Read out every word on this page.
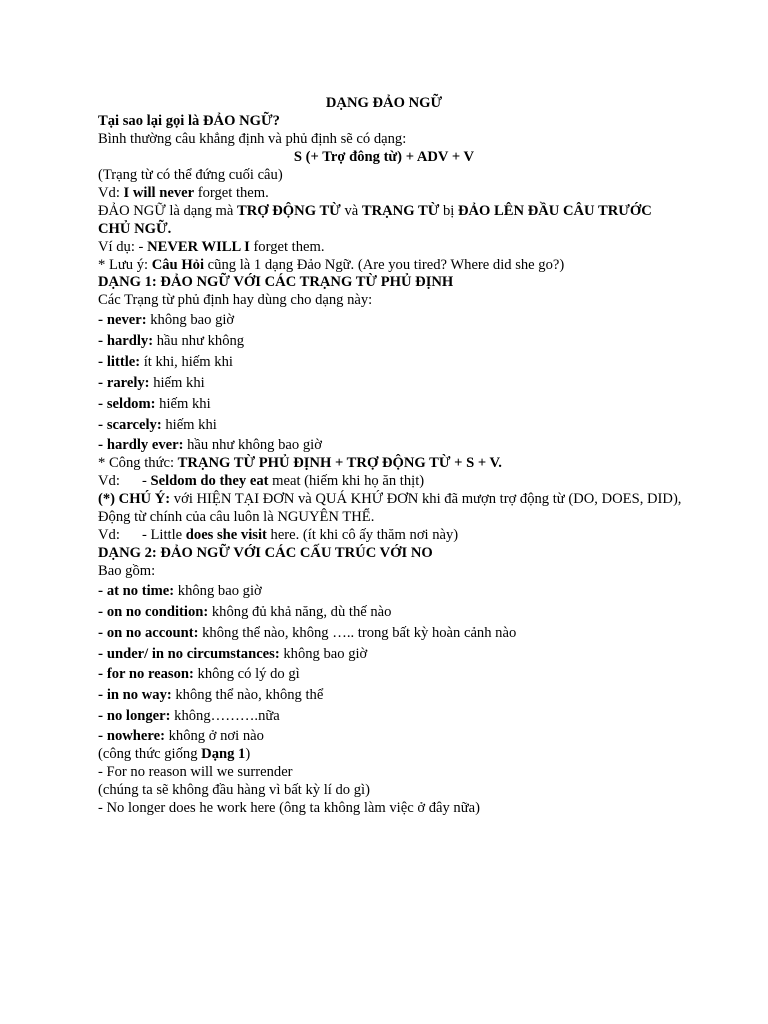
DẠNG ĐẢO NGỮ
Tại sao lại gọi là ĐẢO NGỮ?
Bình thường câu khẳng định và phủ định sẽ có dạng:
S (+ Trợ đông từ) + ADV + V
(Trạng từ có thể đứng cuối câu)
Vd: I will never forget them.
ĐẢO NGỮ là dạng mà TRỢ ĐỘNG TỪ và TRẠNG TỪ bị ĐẢO LÊN ĐẦU CÂU TRƯỚC
CHỦ NGỮ.
Ví dụ: - NEVER WILL I forget them.
* Lưu ý: Câu Hỏi cũng là 1 dạng Đảo Ngữ. (Are you tired? Where did she go?)
DẠNG 1: ĐẢO NGỮ VỚI CÁC TRẠNG TỪ PHỦ ĐỊNH
Các Trạng từ phủ định hay dùng cho dạng này:
- never: không bao giờ
- hardly: hầu như không
- little: ít khi, hiếm khi
- rarely: hiếm khi
- seldom: hiếm khi
- scarcely: hiếm khi
- hardly ever: hầu như không bao giờ
* Công thức: TRẠNG TỪ PHỦ ĐỊNH + TRỢ ĐỘNG TỪ + S + V.
Vd: - Seldom do they eat meat (hiếm khi họ ăn thịt)
(*) CHÚ Ý: với HIỆN TẠI ĐƠN và QUÁ KHỨ ĐƠN khi đã mượn trợ động từ (DO, DOES, DID),
Động từ chính của câu luôn là NGUYÊN THỂ.
Vd: - Little does she visit here. (ít khi cô ấy thăm nơi này)
DẠNG 2: ĐẢO NGỮ VỚI CÁC CẤU TRÚC VỚI NO
Bao gồm:
- at no time: không bao giờ
- on no condition: không đủ khả năng, dù thế nào
- on no account: không thể nào, không ….. trong bất kỳ hoàn cảnh nào
- under/ in no circumstances: không bao giờ
- for no reason: không có lý do gì
- in no way: không thể nào, không thể
- no longer: không……….nữa
- nowhere: không ở nơi nào
(công thức giống Dạng 1)
- For no reason will we surrender
(chúng ta sẽ không đầu hàng vì bất kỳ lí do gì)
- No longer does he work here (ông ta không làm việc ở đây nữa)
